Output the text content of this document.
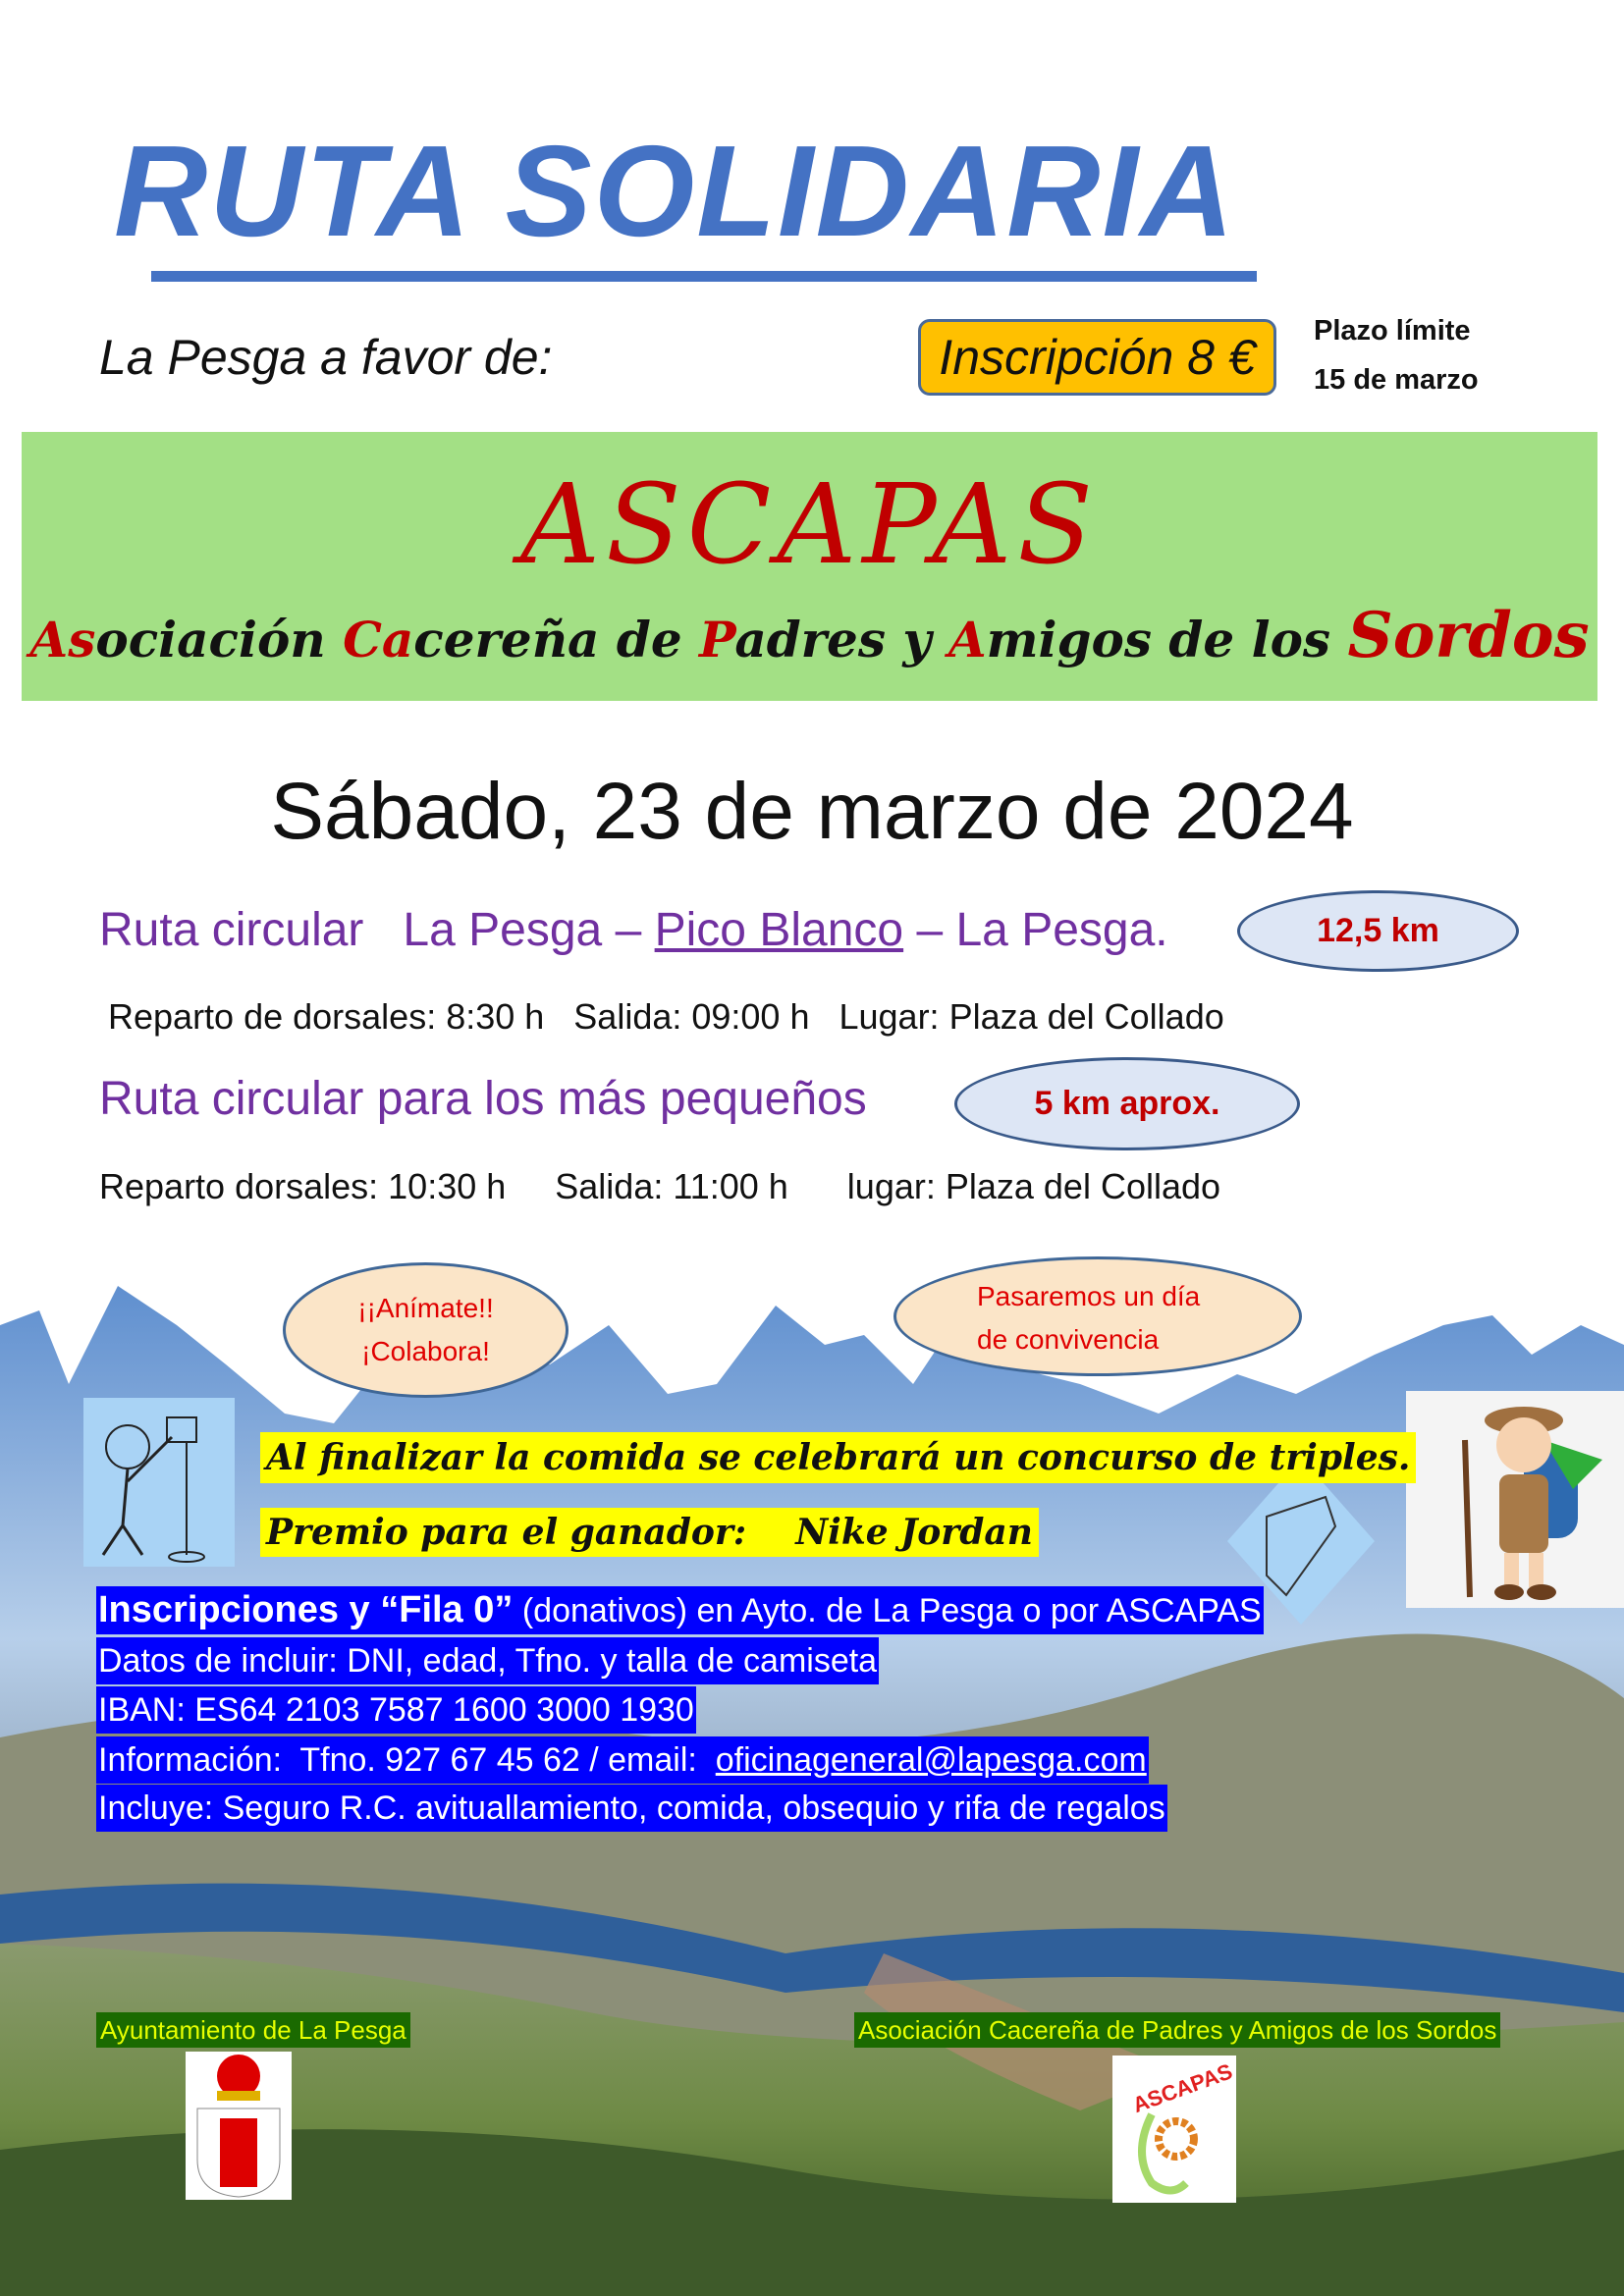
RUTA SOLIDARIA
La Pesga a favor de:	Inscripción 8 €	Plazo límite
15 de marzo
ASCAPAS
Asociación Cacereña de Padres y Amigos de los Sordos
Sábado, 23 de marzo de 2024
Ruta circular   La Pesga – Pico Blanco – La Pesga.	12,5 km
Reparto de dorsales: 8:30 h   Salida: 09:00 h   Lugar: Plaza del Collado
Ruta circular para los más pequeños	5 km aprox.
Reparto dorsales: 10:30 h     Salida: 11:00 h      lugar: Plaza del Collado
¡¡Anímate!!
¡Colabora!
Pasaremos un día
de convivencia
Al finalizar la comida se celebrará un concurso de triples.
Premio para el ganador:    Nike Jordan
Inscripciones y “Fila 0” (donativos) en Ayto. de La Pesga o por ASCAPAS
Datos de incluir: DNI, edad, Tfno. y talla de camiseta
IBAN: ES64 2103 7587 1600 3000 1930
Información:  Tfno. 927 67 45 62 / email:  oficinageneral@lapesga.com
Incluye: Seguro R.C. avituallamiento, comida, obsequio y rifa de regalos
Ayuntamiento de La Pesga	Asociación Cacereña de Padres y Amigos de los Sordos
ASCAPAS
